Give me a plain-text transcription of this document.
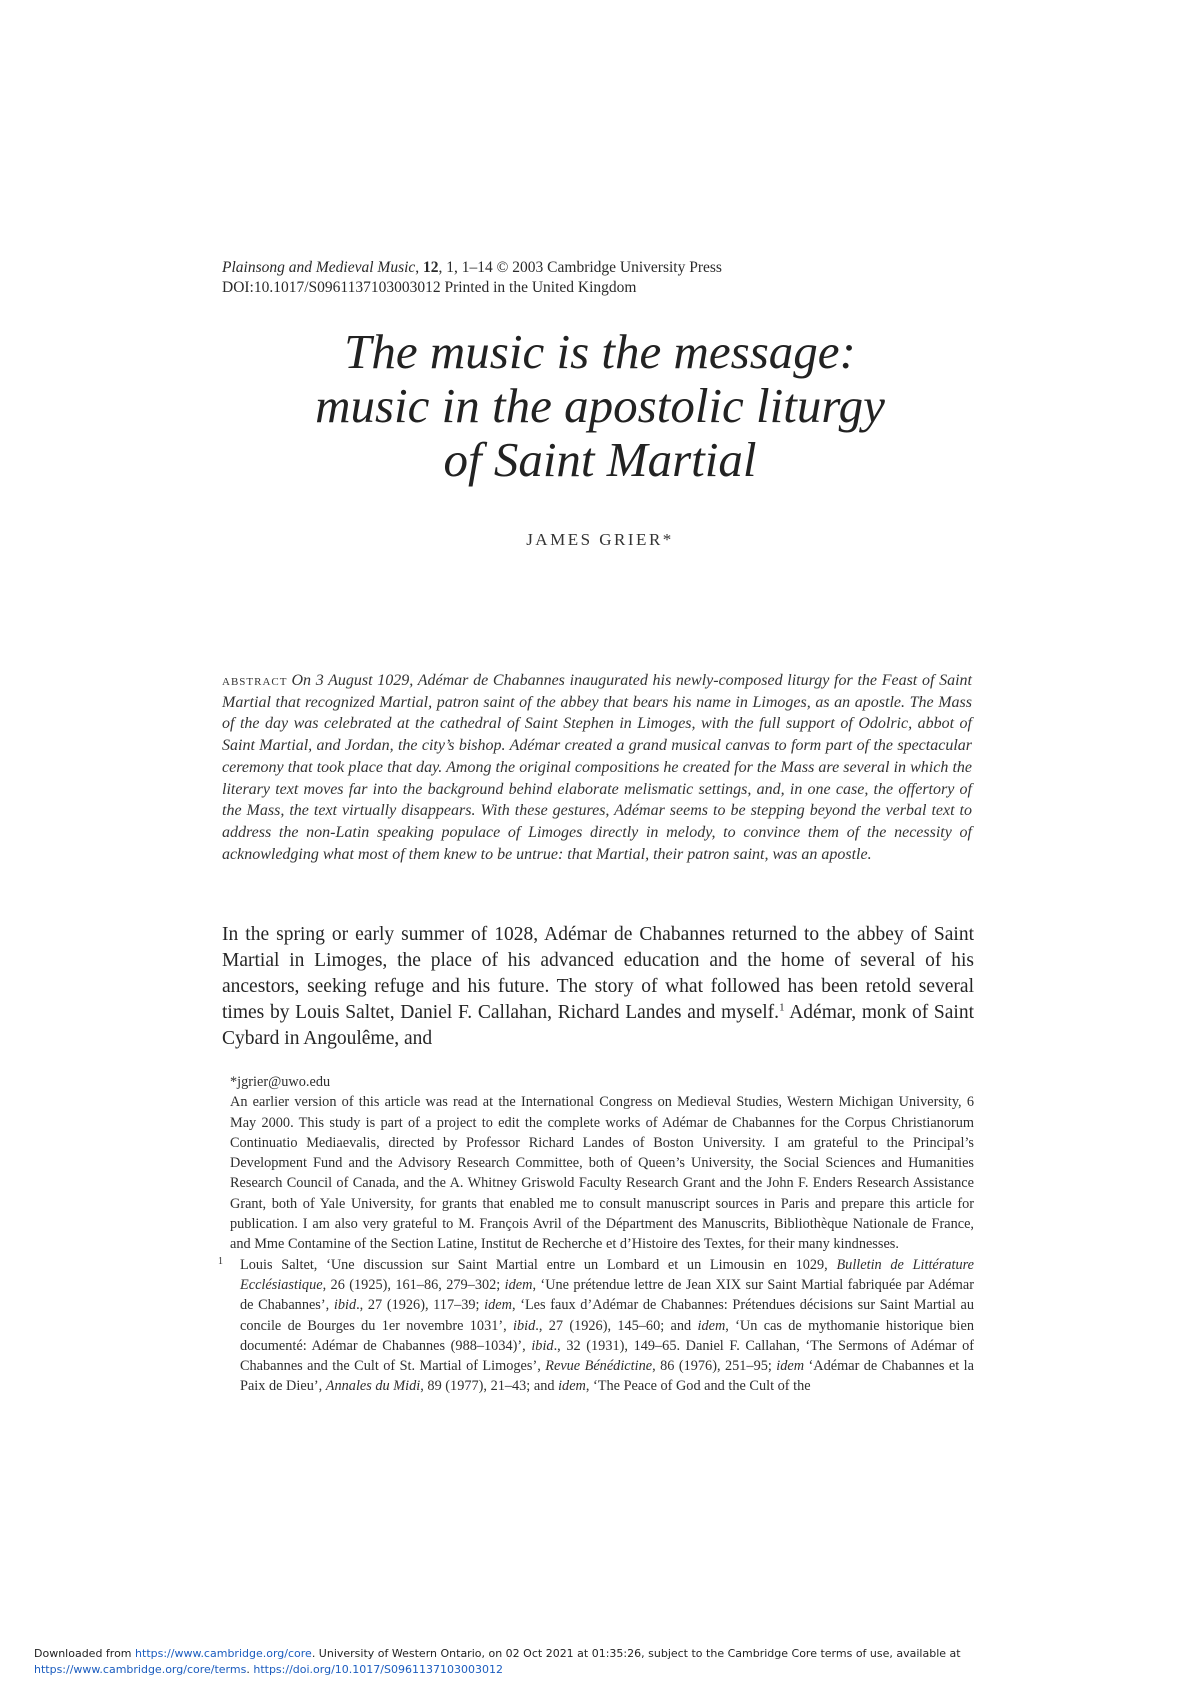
Plainsong and Medieval Music, 12, 1, 1–14 © 2003 Cambridge University Press
DOI:10.1017/S0961137103003012 Printed in the United Kingdom
The music is the message:
music in the apostolic liturgy
of Saint Martial
JAMES GRIER*
abstract On 3 August 1029, Adémar de Chabannes inaugurated his newly-composed liturgy for the Feast of Saint Martial that recognized Martial, patron saint of the abbey that bears his name in Limoges, as an apostle. The Mass of the day was celebrated at the cathedral of Saint Stephen in Limoges, with the full support of Odolric, abbot of Saint Martial, and Jordan, the city’s bishop. Adémar created a grand musical canvas to form part of the spectacular ceremony that took place that day. Among the original compositions he created for the Mass are several in which the literary text moves far into the background behind elaborate melismatic settings, and, in one case, the offertory of the Mass, the text virtually disappears. With these gestures, Adémar seems to be stepping beyond the verbal text to address the non-Latin speaking populace of Limoges directly in melody, to convince them of the necessity of acknowledging what most of them knew to be untrue: that Martial, their patron saint, was an apostle.
In the spring or early summer of 1028, Adémar de Chabannes returned to the abbey of Saint Martial in Limoges, the place of his advanced education and the home of several of his ancestors, seeking refuge and his future. The story of what followed has been retold several times by Louis Saltet, Daniel F. Callahan, Richard Landes and myself.$^1$ Adémar, monk of Saint Cybard in Angoulême, and

*jgrier@uwo.edu

An earlier version of this article was read at the International Congress on Medieval Studies, Western Michigan University, 6 May 2000. This study is part of a project to edit the complete works of Adémar de Chabannes for the Corpus Christianorum Continuatio Mediaevalis, directed by Professor Richard Landes of Boston University. I am grateful to the Principal’s Development Fund and the Advisory Research Committee, both of Queen’s University, the Social Sciences and Humanities Research Council of Canada, and the A. Whitney Griswold Faculty Research Grant and the John F. Enders Research Assistance Grant, both of Yale University, for grants that enabled me to consult manuscript sources in Paris and prepare this article for publication. I am also very grateful to M. François Avril of the Départment des Manuscrits, Bibliothèque Nationale de France, and Mme Contamine of the Section Latine, Institut de Recherche et d’Histoire des Textes, for their many kindnesses.

1 Louis Saltet, ‘Une discussion sur Saint Martial entre un Lombard et un Limousin en 1029, Bulletin de Littérature Ecclésiastique, 26 (1925), 161–86, 279–302; idem, ‘Une prétendue lettre de Jean XIX sur Saint Martial fabriquée par Adémar de Chabannes’, ibid., 27 (1926), 117–39; idem, ‘Les faux d’Adémar de Chabannes: Prétendues décisions sur Saint Martial au concile de Bourges du 1er novembre 1031’, ibid., 27 (1926), 145–60; and idem, ‘Un cas de mythomanie historique bien documenté: Adémar de Chabannes (988–1034)’, ibid., 32 (1931), 149–65. Daniel F. Callahan, ‘The Sermons of Adémar of Chabannes and the Cult of St. Martial of Limoges’, Revue Bénédictine, 86 (1976), 251–95; idem ‘Adémar de Chabannes et la Paix de Dieu’, Annales du Midi, 89 (1977), 21–43; and idem, ‘The Peace of God and the Cult of the

Downloaded from https://www.cambridge.org/core. University of Western Ontario, on 02 Oct 2021 at 01:35:26, subject to the Cambridge Core terms of use, available at
https://www.cambridge.org/core/terms. https://doi.org/10.1017/S0961137103003012
